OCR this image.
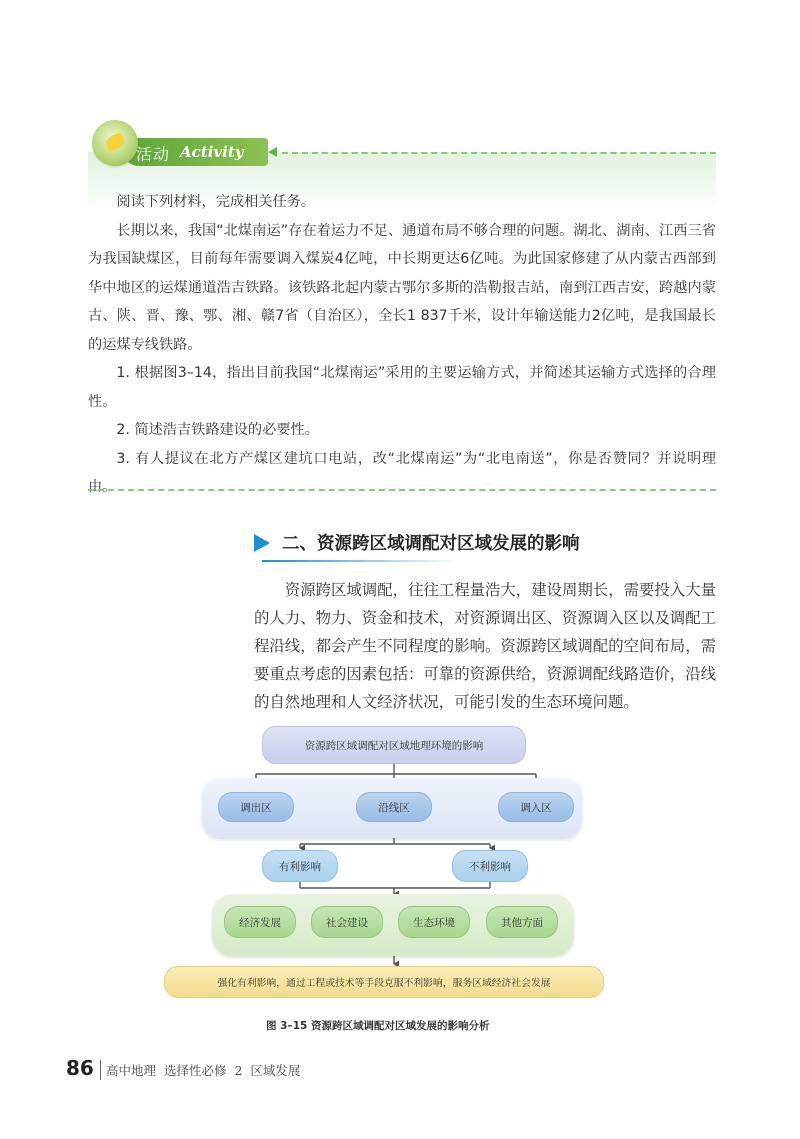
活动 Activity

阅读下列材料，完成相关任务。

长期以来，我国“北煤南运”存在着运力不足、通道布局不够合理的问题。湖北、湖南、江西三省为我国缺煤区，目前每年需要调入煤炭4亿吨，中长期更达6亿吨。为此国家修建了从内蒙古西部到华中地区的运煤通道浩吉铁路。该铁路北起内蒙古鄂尔多斯的浩勒报吉站，南到江西吉安，跨越内蒙古、陕、晋、豫、鄂、湘、赣7省（自治区），全长1 837千米，设计年输送能力2亿吨，是我国最长的运煤专线铁路。

1. 根据图3–14，指出目前我国“北煤南运”采用的主要运输方式，并简述其运输方式选择的合理性。

2. 简述浩吉铁路建设的必要性。

3. 有人提议在北方产煤区建坑口电站，改“北煤南运”为“北电南送”，你是否赞同？并说明理由。

二、资源跨区域调配对区域发展的影响

资源跨区域调配，往往工程量浩大，建设周期长，需要投入大量的人力、物力、资金和技术，对资源调出区、资源调入区以及调配工程沿线，都会产生不同程度的影响。资源跨区域调配的空间布局，需要重点考虑的因素包括：可靠的资源供给，资源调配线路造价，沿线的自然地理和人文经济状况，可能引发的生态环境问题。

资源跨区域调配对区域地理环境的影响
调出区	沿线区	调入区
有利影响	不利影响
经济发展	社会建设	生态环境	其他方面
强化有利影响，通过工程或技术等手段克服不利影响，服务区域经济社会发展
图 3–15 资源跨区域调配对区域发展的影响分析
86 高中地理 选择性必修 2 区域发展
